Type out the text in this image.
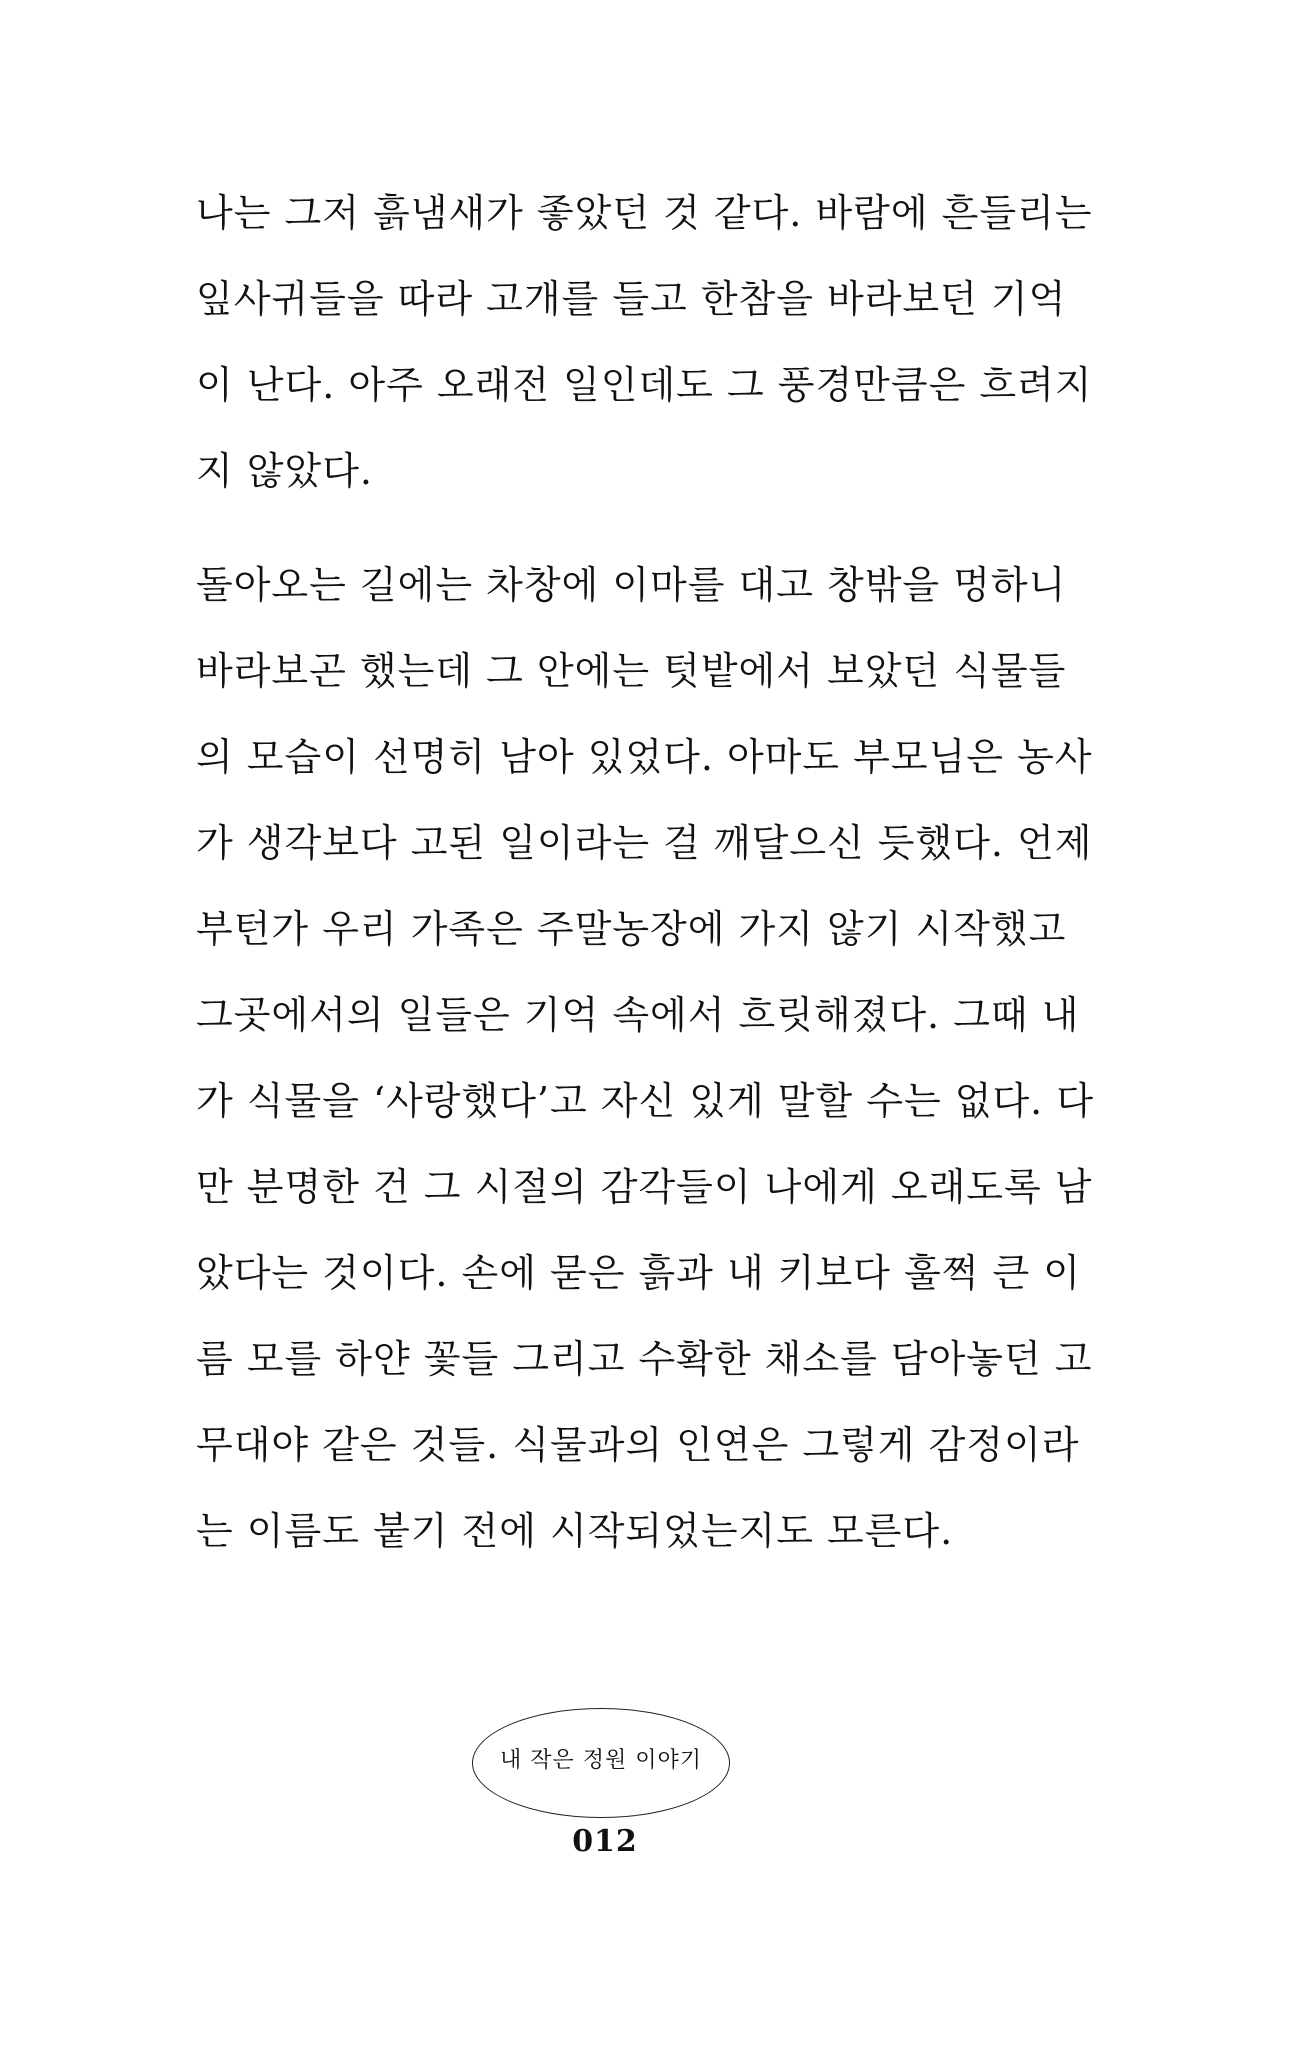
나는 그저 흙냄새가 좋았던 것 같다. 바람에 흔들리는
잎사귀들을 따라 고개를 들고 한참을 바라보던 기억
이 난다. 아주 오래전 일인데도 그 풍경만큼은 흐려지
지 않았다.
돌아오는 길에는 차창에 이마를 대고 창밖을 멍하니
바라보곤 했는데 그 안에는 텃밭에서 보았던 식물들
의 모습이 선명히 남아 있었다. 아마도 부모님은 농사
가 생각보다 고된 일이라는 걸 깨달으신 듯했다. 언제
부턴가 우리 가족은 주말농장에 가지 않기 시작했고
그곳에서의 일들은 기억 속에서 흐릿해졌다. 그때 내
가 식물을 ‘사랑했다’고 자신 있게 말할 수는 없다. 다
만 분명한 건 그 시절의 감각들이 나에게 오래도록 남
았다는 것이다. 손에 묻은 흙과 내 키보다 훌쩍 큰 이
름 모를 하얀 꽃들 그리고 수확한 채소를 담아놓던 고
무대야 같은 것들. 식물과의 인연은 그렇게 감정이라
는 이름도 붙기 전에 시작되었는지도 모른다.
내 작은 정원 이야기
012
